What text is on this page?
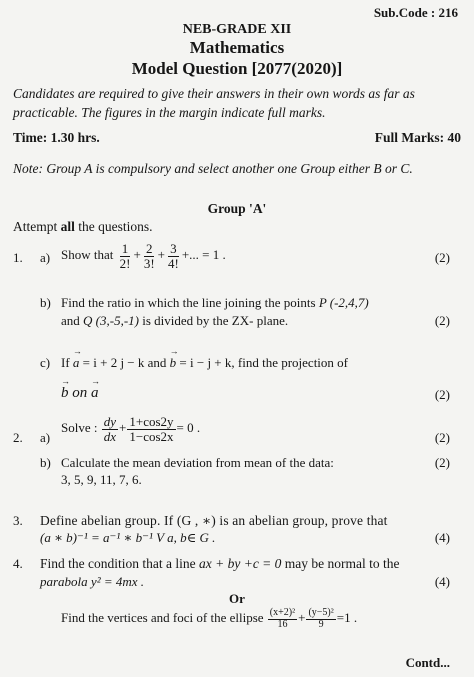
Sub.Code : 216
NEB-GRADE XII
Mathematics
Model Question [2077(2020)]
Candidates are required to give their answers in their own words as far as practicable. The figures in the margin indicate full marks.
Time: 1.30 hrs.	Full Marks: 40
Note: Group A is compulsory and select another one Group either B or C.
Group 'A'
Attempt all the questions.
1. a) Show that $\frac{1}{2!} + \frac{2}{3!} + \frac{3}{4!}$ +... = 1 .	(2)
b) Find the ratio in which the line joining the points P (-2,4,7)
and Q (3,-5,-1) is divided by the ZX- plane.	(2)
c) If → a = i + 2 j − k and → b = i − j + k, find the projection of
→ b on → a	(2)
2. a)
Solve : $\frac{dy}{dx} + \frac{1+\cos 2y}{1-\cos 2x} = 0$ .
(2)
b) Calculate the mean deviation from mean of the data:
3, 5, 9, 11, 7, 6.
(2)
3. Define abelian group. If (G , ∗) is an abelian group, prove that
(a ∗ b)⁻¹ = a⁻¹ ∗ b⁻¹ V a, b∈ G .	(4)
4. Find the condition that a line ax + by +c = 0 may be normal to the
parabola y² = 4mx .	(4)
Or
Find the vertices and foci of the ellipse $\frac{\text{(x+2)²}}{16} + \frac{\text{(y−5)²}}{9} =1$ .
Contd...
